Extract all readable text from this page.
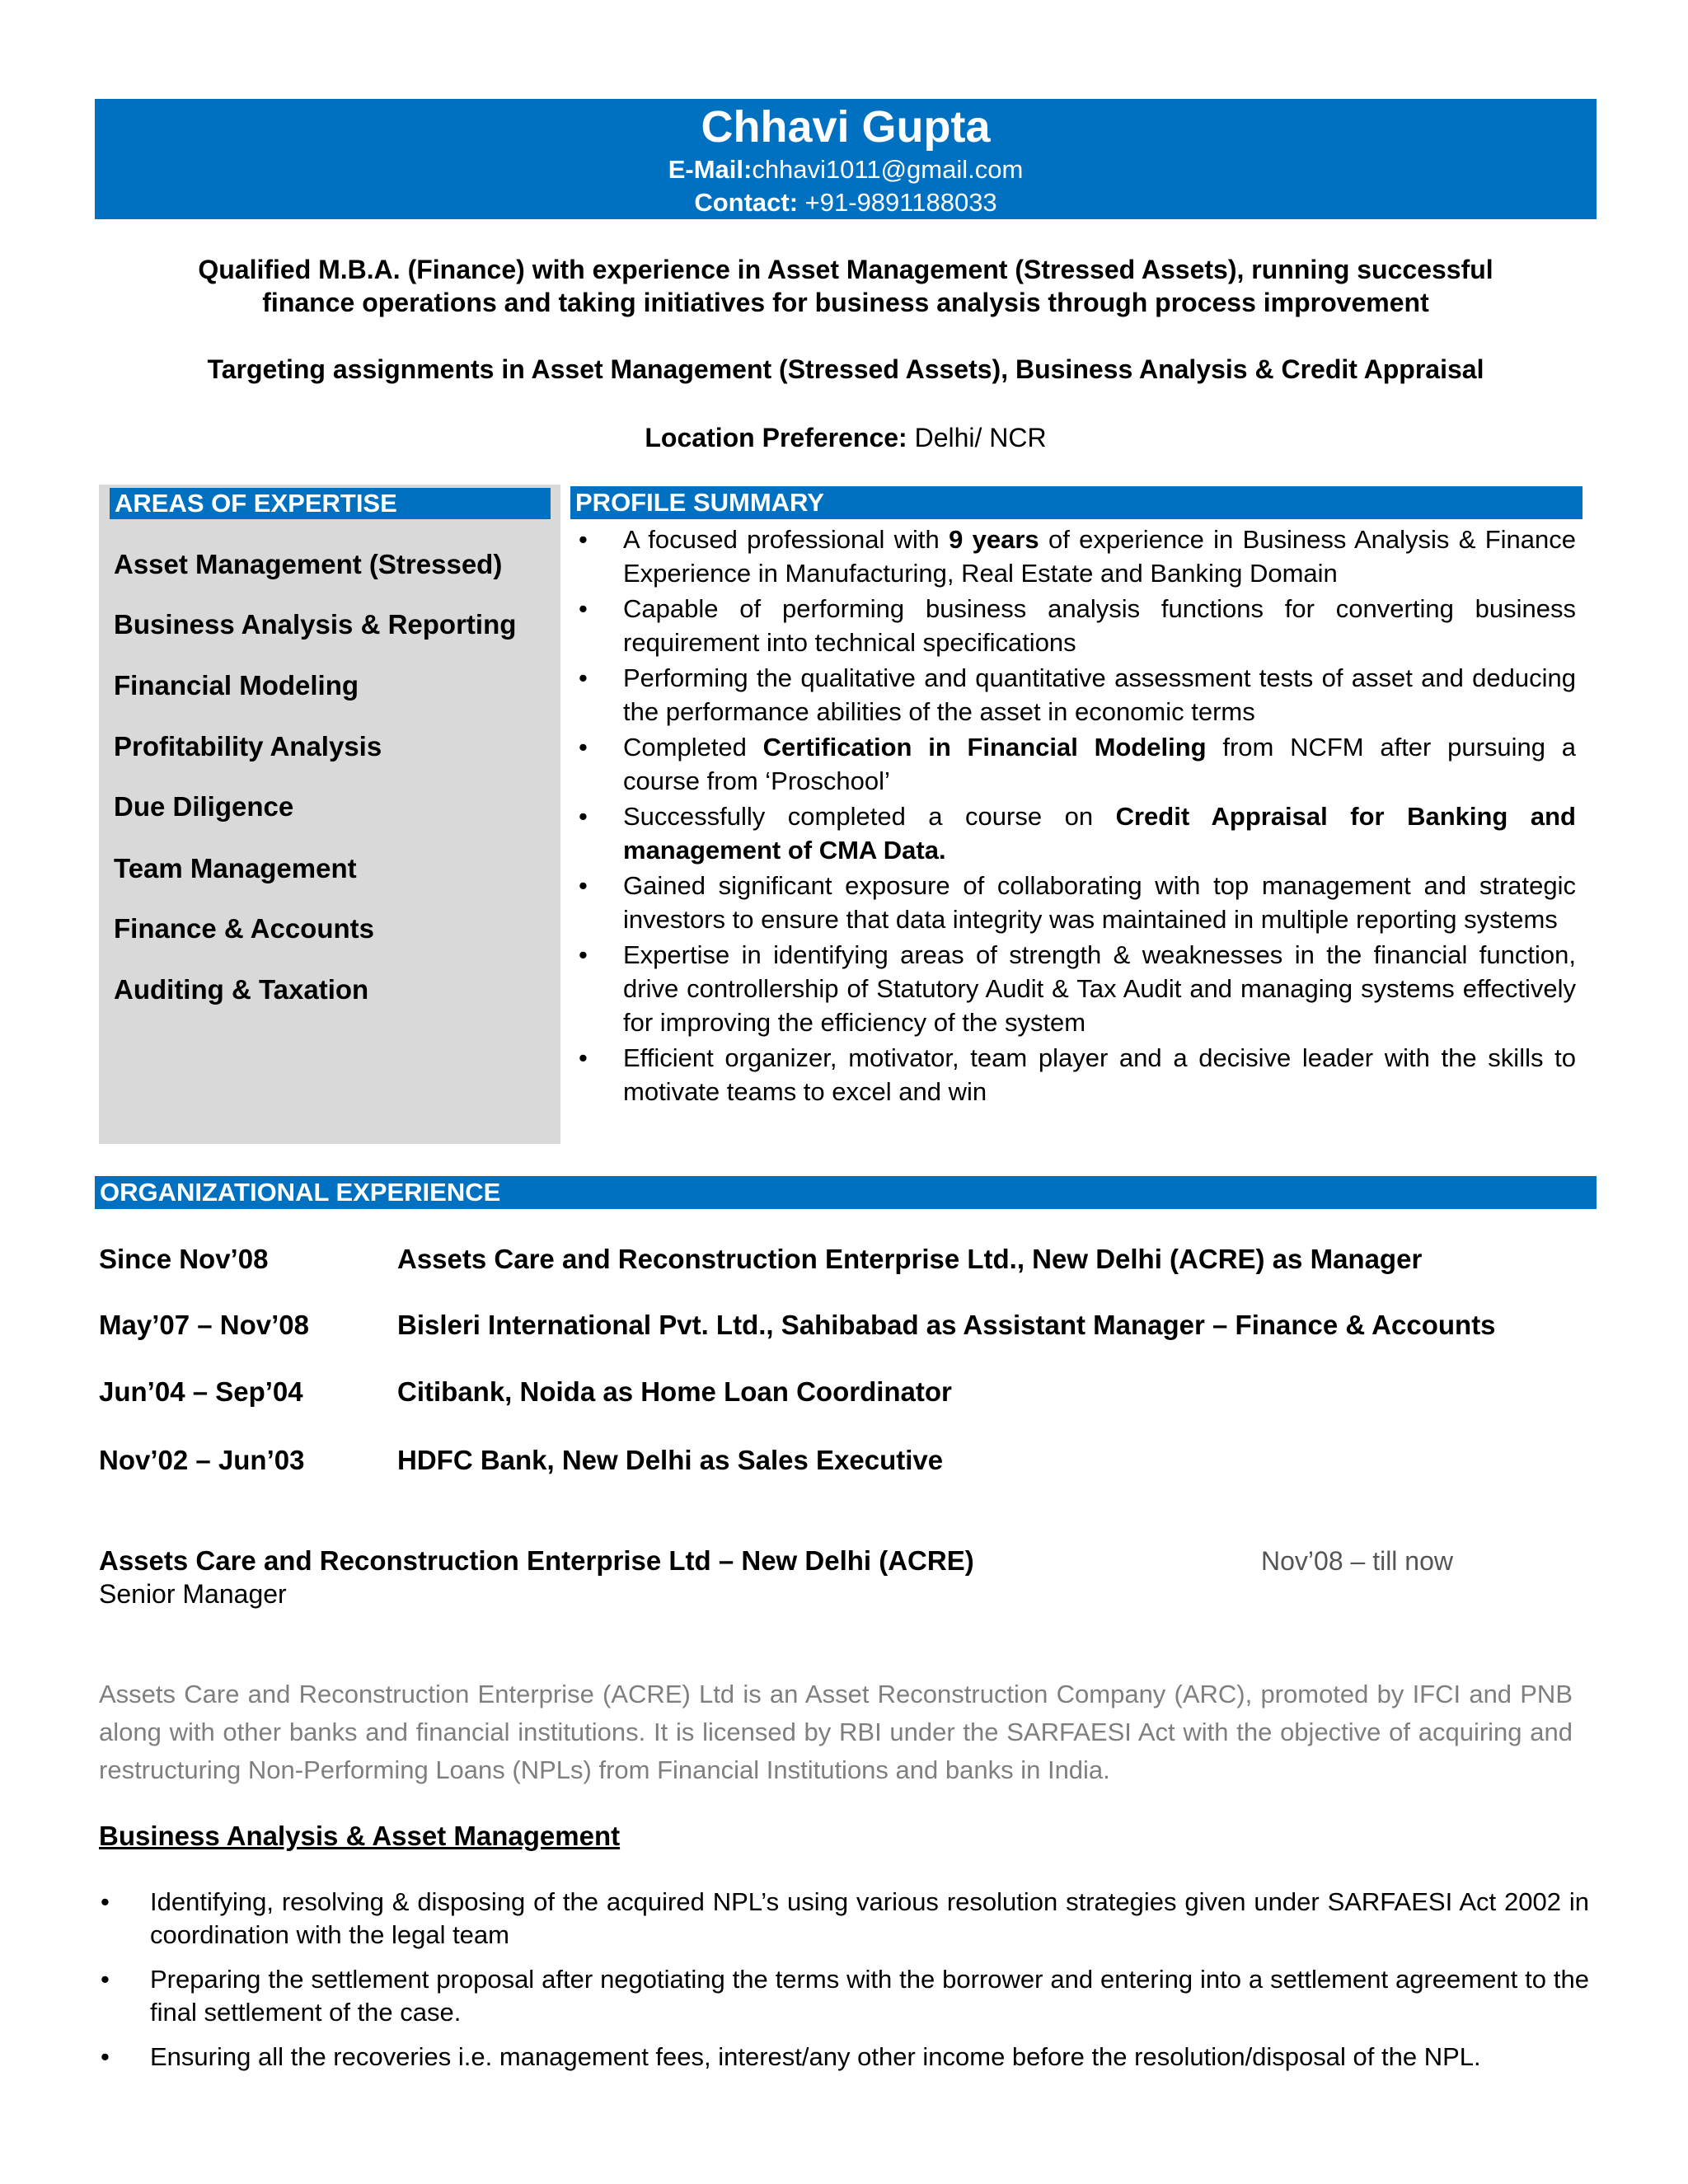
Chhavi Gupta
E-Mail:chhavi1011@gmail.com
Contact: +91-9891188033
Qualified M.B.A. (Finance) with experience in Asset Management (Stressed Assets), running successful
finance operations and taking initiatives for business analysis through process improvement
Targeting assignments in Asset Management (Stressed Assets), Business Analysis & Credit Appraisal
Location Preference: Delhi/ NCR
AREAS OF EXPERTISE
Asset Management (Stressed)
Business Analysis & Reporting
Financial Modeling
Profitability Analysis
Due Diligence
Team Management
Finance & Accounts
Auditing & Taxation
PROFILE SUMMARY
• A focused professional with 9 years of experience in Business Analysis & Finance Experience in Manufacturing, Real Estate and Banking Domain
• Capable of performing business analysis functions for converting business requirement into technical specifications
• Performing the qualitative and quantitative assessment tests of asset and deducing the performance abilities of the asset in economic terms
• Completed Certification in Financial Modeling from NCFM after pursuing a course from ‘Proschool’
• Successfully completed a course on Credit Appraisal for Banking and management of CMA Data.
• Gained significant exposure of collaborating with top management and strategic investors to ensure that data integrity was maintained in multiple reporting systems
• Expertise in identifying areas of strength & weaknesses in the financial function, drive controllership of Statutory Audit & Tax Audit and managing systems effectively for improving the efficiency of the system
• Efficient organizer, motivator, team player and a decisive leader with the skills to motivate teams to excel and win
ORGANIZATIONAL EXPERIENCE
Since Nov’08	Assets Care and Reconstruction Enterprise Ltd., New Delhi (ACRE) as Manager
May’07 – Nov’08	Bisleri International Pvt. Ltd., Sahibabad as Assistant Manager – Finance & Accounts
Jun’04 – Sep’04	Citibank, Noida as Home Loan Coordinator
Nov’02 – Jun’03	HDFC Bank, New Delhi as Sales Executive
Assets Care and Reconstruction Enterprise Ltd – New Delhi (ACRE)	Nov’08 – till now
Senior Manager
Assets Care and Reconstruction Enterprise (ACRE) Ltd is an Asset Reconstruction Company (ARC), promoted by IFCI and PNB along with other banks and financial institutions. It is licensed by RBI under the SARFAESI Act with the objective of acquiring and restructuring Non-Performing Loans (NPLs) from Financial Institutions and banks in India.
Business Analysis & Asset Management
• Identifying, resolving & disposing of the acquired NPL’s using various resolution strategies given under SARFAESI Act 2002 in coordination with the legal team
• Preparing the settlement proposal after negotiating the terms with the borrower and entering into a settlement agreement to the final settlement of the case.
• Ensuring all the recoveries i.e. management fees, interest/any other income before the resolution/disposal of the NPL.
